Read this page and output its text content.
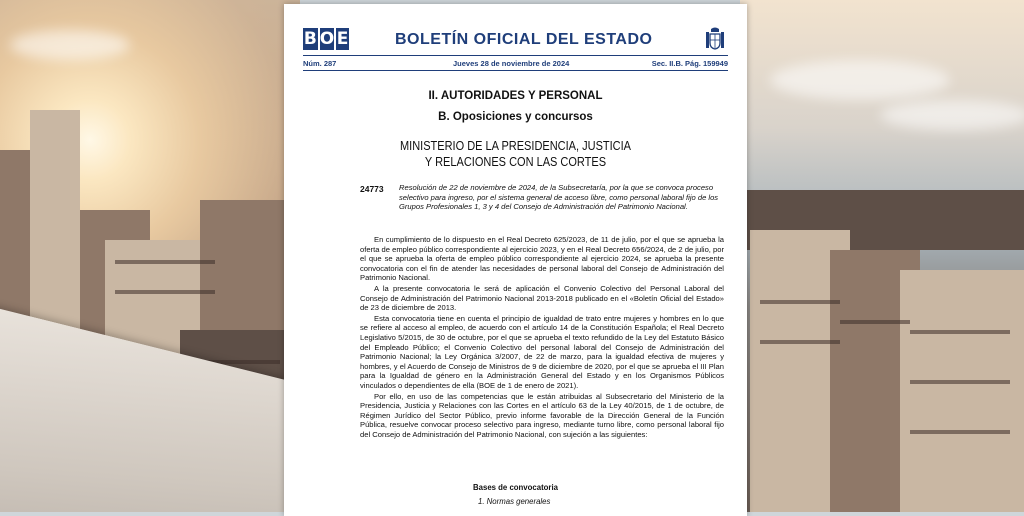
B O E	BOLETÍN OFICIAL DEL ESTADO
Núm. 287	Jueves 28 de noviembre de 2024	Sec. II.B. Pág. 159949
II. AUTORIDADES Y PERSONAL
B. Oposiciones y concursos
MINISTERIO DE LA PRESIDENCIA, JUSTICIA
Y RELACIONES CON LAS CORTES
24773 Resolución de 22 de noviembre de 2024, de la Subsecretaría, por la que se convoca proceso selectivo para ingreso, por el sistema general de acceso libre, como personal laboral fijo de los Grupos Profesionales 1, 3 y 4 del Consejo de Administración del Patrimonio Nacional.

En cumplimiento de lo dispuesto en el Real Decreto 625/2023, de 11 de julio, por el que se aprueba la oferta de empleo público correspondiente al ejercicio 2023, y en el Real Decreto 656/2024, de 2 de julio, por el que se aprueba la oferta de empleo público correspondiente al ejercicio 2024, se aprueba la presente convocatoria con el fin de atender las necesidades de personal laboral del Consejo de Administración del Patrimonio Nacional.

A la presente convocatoria le será de aplicación el Convenio Colectivo del Personal Laboral del Consejo de Administración del Patrimonio Nacional 2013-2018 publicado en el «Boletín Oficial del Estado» de 23 de diciembre de 2013.

Esta convocatoria tiene en cuenta el principio de igualdad de trato entre mujeres y hombres en lo que se refiere al acceso al empleo, de acuerdo con el artículo 14 de la Constitución Española; el Real Decreto Legislativo 5/2015, de 30 de octubre, por el que se aprueba el texto refundido de la Ley del Estatuto Básico del Empleado Público; el Convenio Colectivo del personal laboral del Consejo de Administración del Patrimonio Nacional; la Ley Orgánica 3/2007, de 22 de marzo, para la igualdad efectiva de mujeres y hombres, y el Acuerdo de Consejo de Ministros de 9 de diciembre de 2020, por el que se aprueba el III Plan para la Igualdad de género en la Administración General del Estado y en los Organismos Públicos vinculados o dependientes de ella (BOE de 1 de enero de 2021).

Por ello, en uso de las competencias que le están atribuidas al Subsecretario del Ministerio de la Presidencia, Justicia y Relaciones con las Cortes en el artículo 63 de la Ley 40/2015, de 1 de octubre, de Régimen Jurídico del Sector Público, previo informe favorable de la Dirección General de la Función Pública, resuelve convocar proceso selectivo para ingreso, mediante turno libre, como personal laboral fijo del Consejo de Administración del Patrimonio Nacional, con sujeción a las siguientes:

Bases de convocatoria
1. Normas generales
